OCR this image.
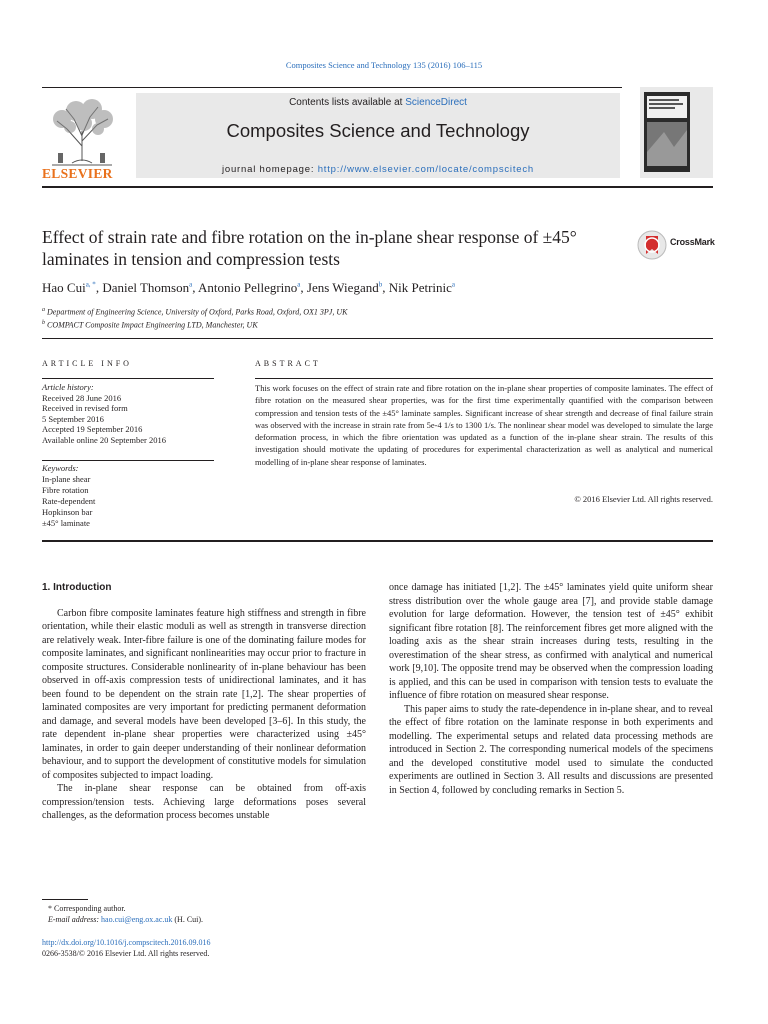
Composites Science and Technology 135 (2016) 106–115
ELSEVIER
Contents lists available at ScienceDirect
Composites Science and Technology
journal homepage: http://www.elsevier.com/locate/compscitech
Effect of strain rate and fibre rotation on the in-plane shear response of ±45° laminates in tension and compression tests
CrossMark
Hao Cui$^{a, *}$, Daniel Thomson$^a$, Antonio Pellegrino$^a$, Jens Wiegand$^b$, Nik Petrinic$^a$
$^a$ Department of Engineering Science, University of Oxford, Parks Road, Oxford, OX1 3PJ, UK
$^b$ COMPACT Composite Impact Engineering LTD, Manchester, UK
ARTICLE INFO	ABSTRACT
Article history:
Received 28 June 2016
Received in revised form
5 September 2016
Accepted 19 September 2016
Available online 20 September 2016
Keywords:
In-plane shear
Fibre rotation
Rate-dependent
Hopkinson bar
±45° laminate
This work focuses on the effect of strain rate and fibre rotation on the in-plane shear properties of composite laminates. The effect of fibre rotation on the measured shear properties, was for the first time experimentally quantified with the comparison between compression and tension tests of the ±45° laminate samples. Significant increase of shear strength and decrease of final failure strain was observed with the increase in strain rate from 5e-4 1/s to 1300 1/s. The nonlinear shear model was developed to simulate the large deformation process, in which the fibre orientation was updated as a function of the in-plane shear strain. The results of this investigation should motivate the updating of procedures for experimental characterization as well as analytical and numerical modelling of in-plane shear response of laminates.
© 2016 Elsevier Ltd. All rights reserved.
1. Introduction

Carbon fibre composite laminates feature high stiffness and strength in fibre orientation, while their elastic moduli as well as strength in transverse direction are relatively weak. Inter-fibre failure is one of the dominating failure modes for composite laminates, and significant nonlinearities may occur prior to fracture in composite structures. Considerable nonlinearity of in-plane behaviour has been observed in off-axis compression tests of unidirectional laminates, and it has been found to be dependent on the strain rate [1,2]. The shear properties of laminated composites are very important for predicting permanent deformation and damage, and several models have been developed [3–6]. In this study, the rate dependent in-plane shear properties were characterized using ±45° laminates, in order to gain deeper understanding of their nonlinear deformation behaviour, and to support the development of constitutive models for simulation of composites subjected to impact loading.

The in-plane shear response can be obtained from off-axis compression/tension tests. Achieving large deformations poses several challenges, as the deformation process becomes unstable

once damage has initiated [1,2]. The ±45° laminates yield quite uniform shear stress distribution over the whole gauge area [7], and provide stable damage evolution for large deformation. However, the tension test of ±45° exhibit significant fibre rotation [8]. The reinforcement fibres get more aligned with the loading axis as the shear strain increases during tests, resulting in the overestimation of the shear stress, as confirmed with analytical and numerical work [9,10]. The opposite trend may be observed when the compression loading is applied, and this can be used in comparison with tension tests to evaluate the influence of fibre rotation on measured shear response.

This paper aims to study the rate-dependence in in-plane shear, and to reveal the effect of fibre rotation on the laminate response in both experiments and modelling. The experimental setups and related data processing methods are introduced in Section 2. The corresponding numerical models of the specimens and the developed constitutive model used to simulate the conducted experiments are outlined in Section 3. All results and discussions are presented in Section 4, followed by concluding remarks in Section 5.

* Corresponding author.
E-mail address: hao.cui@eng.ox.ac.uk (H. Cui).
http://dx.doi.org/10.1016/j.compscitech.2016.09.016
0266-3538/© 2016 Elsevier Ltd. All rights reserved.
